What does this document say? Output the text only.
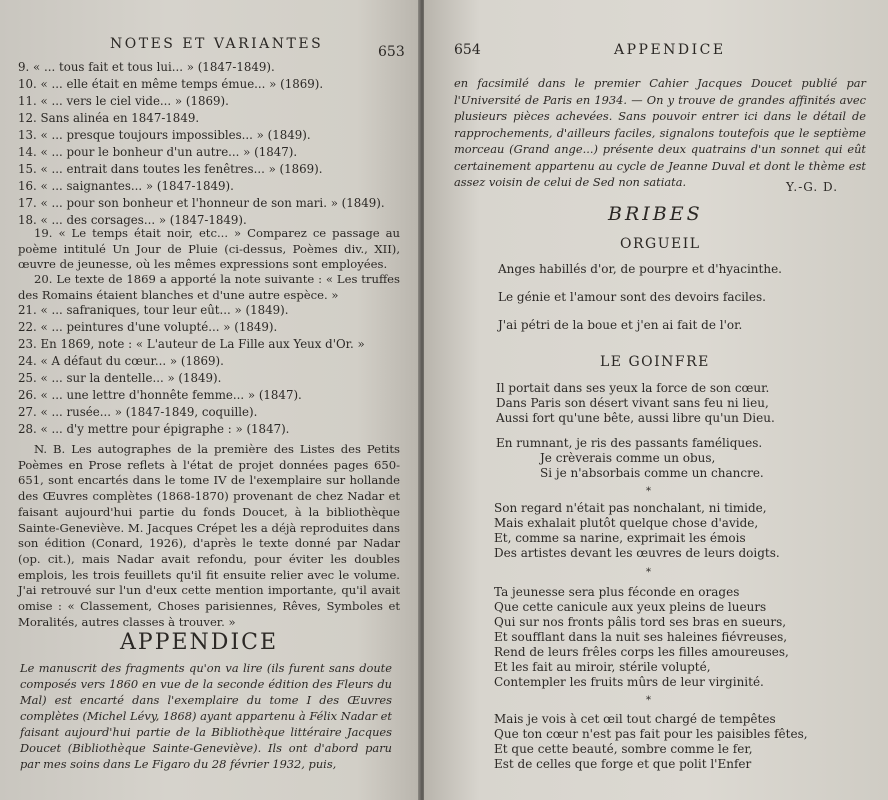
NOTES ET VARIANTES	653
9. « ... tous fait et tous lui... » (1847-1849).
10. « ... elle était en même temps émue... » (1869).
11. « ... vers le ciel vide... » (1869).
12. Sans alinéa en 1847-1849.
13. « ... presque toujours impossibles... » (1849).
14. « ... pour le bonheur d'un autre... » (1847).
15. « ... entrait dans toutes les fenêtres... » (1869).
16. « ... saignantes... » (1847-1849).
17. « ... pour son bonheur et l'honneur de son mari. » (1849).
18. « ... des corsages... » (1847-1849).

19. « Le temps était noir, etc... » Comparez ce passage au poème intitulé Un Jour de Pluie (ci-dessus, Poèmes div., XII), œuvre de jeunesse, où les mêmes expressions sont employées.

20. Le texte de 1869 a apporté la note suivante : « Les truffes des Romains étaient blanches et d'une autre espèce. »

21. « ... safraniques, tour leur eût... » (1849).
22. « ... peintures d'une volupté... » (1849).
23. En 1869, note : « L'auteur de La Fille aux Yeux d'Or. »
24. « A défaut du cœur... » (1869).
25. « ... sur la dentelle... » (1849).
26. « ... une lettre d'honnête femme... » (1847).
27. « ... rusée... » (1847-1849, coquille).
28. « ... d'y mettre pour épigraphe : » (1847).

N. B. Les autographes de la première des Listes des Petits Poèmes en Prose reflets à l'état de projet données pages 650-651, sont encartés dans le tome IV de l'exemplaire sur hollande des Œuvres complètes (1868-1870) provenant de chez Nadar et faisant aujourd'hui partie du fonds Doucet, à la bibliothèque Sainte-Geneviève. M. Jacques Crépet les a déjà reproduites dans son édition (Conard, 1926), d'après le texte donné par Nadar (op. cit.), mais Nadar avait refondu, pour éviter les doubles emplois, les trois feuillets qu'il fit ensuite relier avec le volume. J'ai retrouvé sur l'un d'eux cette mention importante, qu'il avait omise : « Classement, Choses parisiennes, Rêves, Symboles et Moralités, autres classes à trouver. »

APPENDICE
Le manuscrit des fragments qu'on va lire (ils furent sans doute composés vers 1860 en vue de la seconde édition des Fleurs du Mal) est encarté dans l'exemplaire du tome I des Œuvres complètes (Michel Lévy, 1868) ayant appartenu à Félix Nadar et faisant aujourd'hui partie de la Bibliothèque littéraire Jacques Doucet (Bibliothèque Sainte-Geneviève). Ils ont d'abord paru par mes soins dans Le Figaro du 28 février 1932, puis,
654	APPENDICE
en facsimilé dans le premier Cahier Jacques Doucet publié par l'Université de Paris en 1934. — On y trouve de grandes affinités avec plusieurs pièces achevées. Sans pouvoir entrer ici dans le détail de rapprochements, d'ailleurs faciles, signalons toutefois que le septième morceau (Grand ange...) présente deux quatrains d'un sonnet qui eût certainement appartenu au cycle de Jeanne Duval et dont le thème est assez voisin de celui de Sed non satiata.	Y.-G. D.
BRIBES
ORGUEIL
Anges habillés d'or, de pourpre et d'hyacinthe.
Le génie et l'amour sont des devoirs faciles.
J'ai pétri de la boue et j'en ai fait de l'or.
LE GOINFRE
Il portait dans ses yeux la force de son cœur.
Dans Paris son désert vivant sans feu ni lieu,
Aussi fort qu'une bête, aussi libre qu'un Dieu.
En rumnant, je ris des passants faméliques.
Je crèverais comme un obus,
Si je n'absorbais comme un chancre.
*
Son regard n'était pas nonchalant, ni timide,
Mais exhalait plutôt quelque chose d'avide,
Et, comme sa narine, exprimait les émois
Des artistes devant les œuvres de leurs doigts.
*
Ta jeunesse sera plus féconde en orages
Que cette canicule aux yeux pleins de lueurs
Qui sur nos fronts pâlis tord ses bras en sueurs,
Et soufflant dans la nuit ses haleines fiévreuses,
Rend de leurs frêles corps les filles amoureuses,
Et les fait au miroir, stérile volupté,
Contempler les fruits mûrs de leur virginité.
*
Mais je vois à cet œil tout chargé de tempêtes
Que ton cœur n'est pas fait pour les paisibles fêtes,
Et que cette beauté, sombre comme le fer,
Est de celles que forge et que polit l'Enfer
